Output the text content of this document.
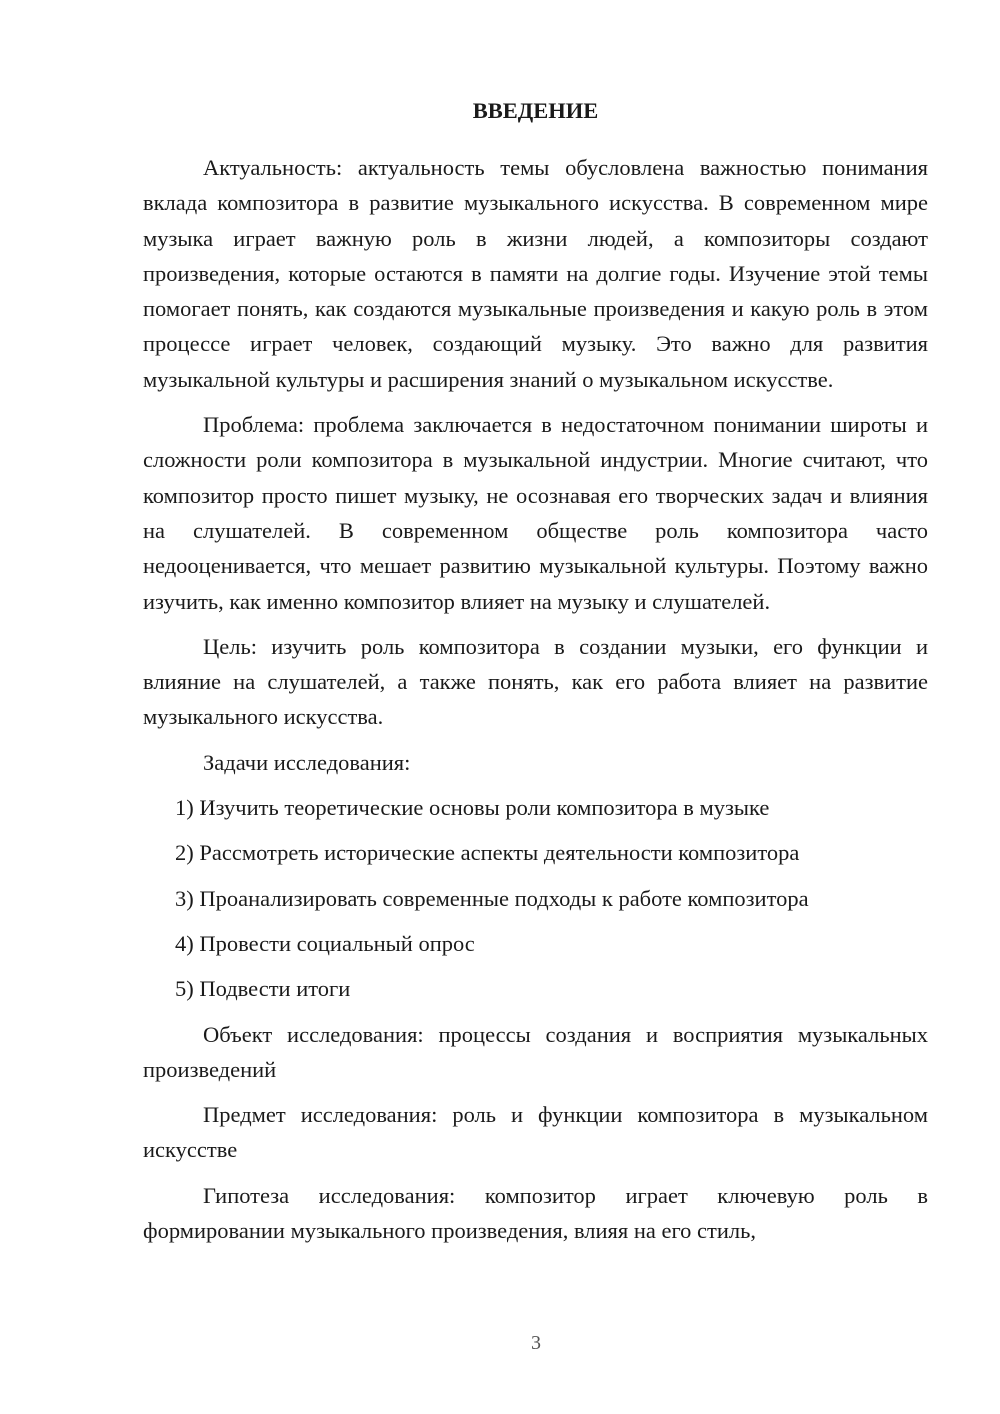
ВВЕДЕНИЕ

Актуальность: актуальность темы обусловлена важностью понимания вклада композитора в развитие музыкального искусства. В современном мире музыка играет важную роль в жизни людей, а композиторы создают произведения, которые остаются в памяти на долгие годы. Изучение этой темы помогает понять, как создаются музыкальные произведения и какую роль в этом процессе играет человек, создающий музыку. Это важно для развития музыкальной культуры и расширения знаний о музыкальном искусстве.

Проблема: проблема заключается в недостаточном понимании широты и сложности роли композитора в музыкальной индустрии. Многие считают, что композитор просто пишет музыку, не осознавая его творческих задач и влияния на слушателей. В современном обществе роль композитора часто недооценивается, что мешает развитию музыкальной культуры. Поэтому важно изучить, как именно композитор влияет на музыку и слушателей.

Цель: изучить роль композитора в создании музыки, его функции и влияние на слушателей, а также понять, как его работа влияет на развитие музыкального искусства.

Задачи исследования:
1) Изучить теоретические основы роли композитора в музыке
2) Рассмотреть исторические аспекты деятельности композитора
3) Проанализировать современные подходы к работе композитора
4) Провести социальный опрос
5) Подвести итоги

Объект исследования: процессы создания и восприятия музыкальных произведений

Предмет исследования: роль и функции композитора в музыкальном искусстве

Гипотеза исследования: композитор играет ключевую роль в формировании музыкального произведения, влияя на его стиль,

3
